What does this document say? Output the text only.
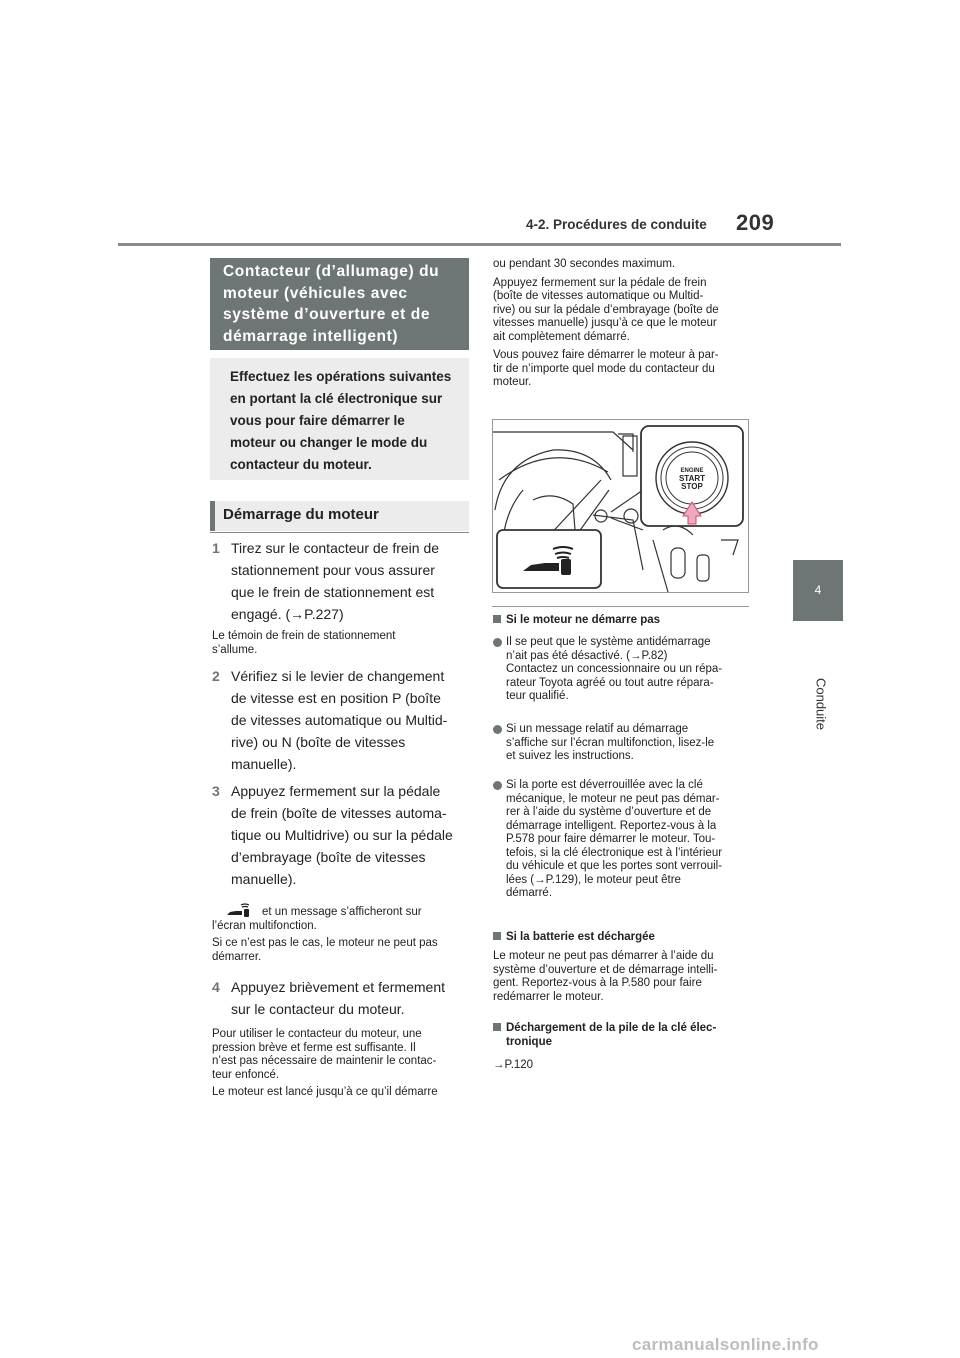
4-2. Procédures de conduite 209
4
Conduite
Contacteur (d’allumage) du
moteur (véhicules avec
système d’ouverture et de
démarrage intelligent)
Effectuez les opérations suivantes
en portant la clé électronique sur
vous pour faire démarrer le
moteur ou changer le mode du
contacteur du moteur.
Démarrage du moteur
1 Tirez sur le contacteur de frein de
stationnement pour vous assurer
que le frein de stationnement est
engagé. (→P.227)
Le témoin de frein de stationnement
s’allume.
2 Vérifiez si le levier de changement
de vitesse est en position P (boîte
de vitesses automatique ou Multid-
rive) ou N (boîte de vitesses
manuelle).
3 Appuyez fermement sur la pédale
de frein (boîte de vitesses automa-
tique ou Multidrive) ou sur la pédale
d’embrayage (boîte de vitesses
manuelle).
et un message s’afficheront sur
l’écran multifonction.
Si ce n’est pas le cas, le moteur ne peut pas
démarrer.
4 Appuyez brièvement et fermement
sur le contacteur du moteur.
Pour utiliser le contacteur du moteur, une
pression brève et ferme est suffisante. Il
n’est pas nécessaire de maintenir le contac-
teur enfoncé.
Le moteur est lancé jusqu’à ce qu’il démarre
ou pendant 30 secondes maximum.
Appuyez fermement sur la pédale de frein
(boîte de vitesses automatique ou Multid-
rive) ou sur la pédale d’embrayage (boîte de
vitesses manuelle) jusqu’à ce que le moteur
ait complètement démarré.
Vous pouvez faire démarrer le moteur à par-
tir de n’importe quel mode du contacteur du
moteur.
ENGINE
START
STOP
Si le moteur ne démarre pas
Il se peut que le système antidémarrage
n’ait pas été désactivé. (→P.82)
Contactez un concessionnaire ou un répa-
rateur Toyota agréé ou tout autre répara-
teur qualifié.
Si un message relatif au démarrage
s’affiche sur l’écran multifonction, lisez-le
et suivez les instructions.
Si la porte est déverrouillée avec la clé
mécanique, le moteur ne peut pas démar-
rer à l’aide du système d’ouverture et de
démarrage intelligent. Reportez-vous à la
P.578 pour faire démarrer le moteur. Tou-
tefois, si la clé électronique est à l’intérieur
du véhicule et que les portes sont verrouil-
lées (→P.129), le moteur peut être
démarré.
Si la batterie est déchargée
Le moteur ne peut pas démarrer à l’aide du
système d’ouverture et de démarrage intelli-
gent. Reportez-vous à la P.580 pour faire
redémarrer le moteur.
Déchargement de la pile de la clé élec-
tronique
→P.120
carmanualsonline.info
